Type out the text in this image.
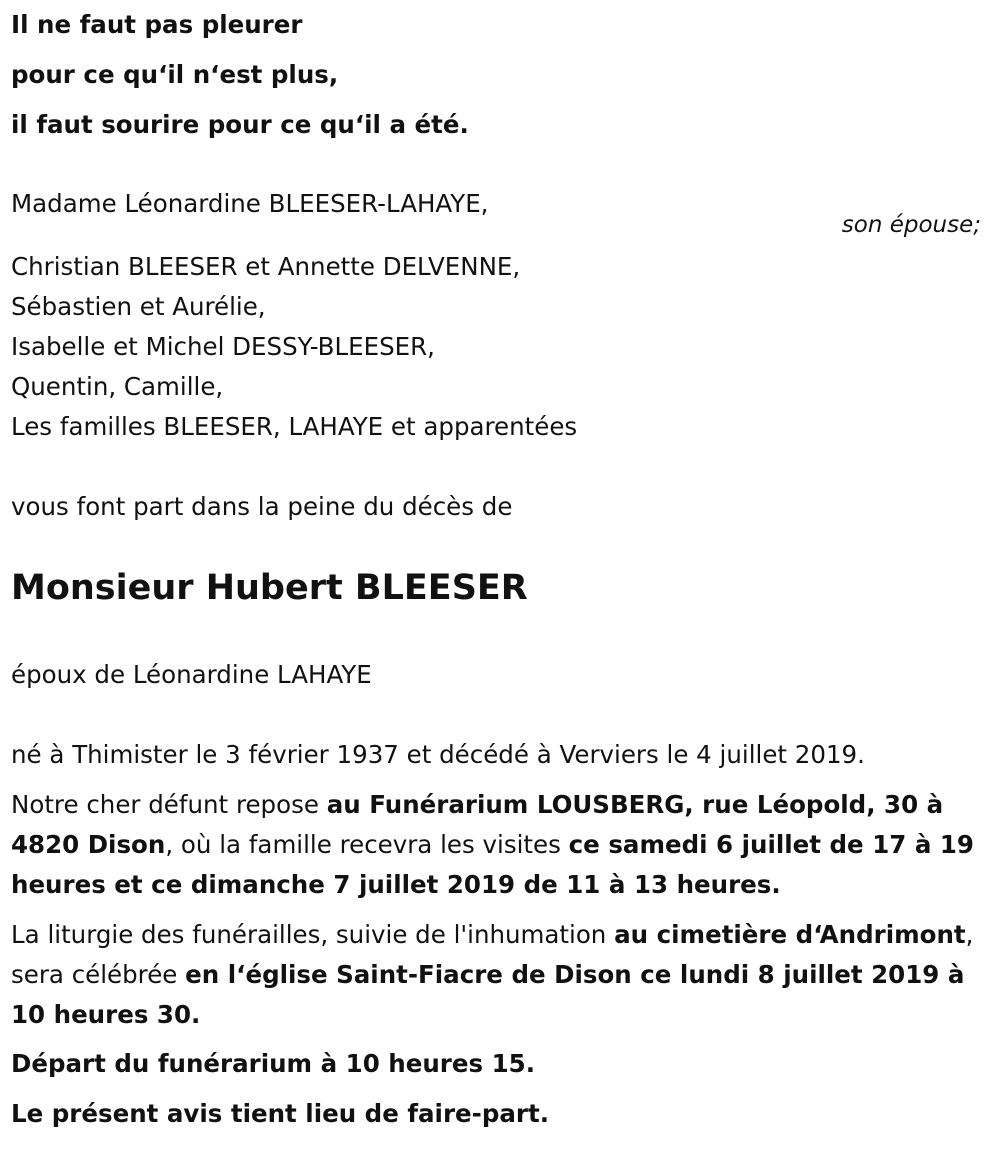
Il ne faut pas pleurer
pour ce qu‘il n‘est plus,
il faut sourire pour ce qu‘il a été.
Madame Léonardine BLEESER-LAHAYE,
son épouse;
Christian BLEESER et Annette DELVENNE,
Sébastien et Aurélie,
Isabelle et Michel DESSY-BLEESER,
Quentin, Camille,
Les familles BLEESER, LAHAYE et apparentées
vous font part dans la peine du décès de
Monsieur Hubert BLEESER
époux de Léonardine LAHAYE
né à Thimister le 3 février 1937 et décédé à Verviers le 4 juillet 2019.
Notre cher défunt repose au Funérarium LOUSBERG, rue Léopold, 30 à 4820 Dison, où la famille recevra les visites ce samedi 6 juillet de 17 à 19 heures et ce dimanche 7 juillet 2019 de 11 à 13 heures.
La liturgie des funérailles, suivie de l'inhumation au cimetière d‘Andrimont, sera célébrée en l‘église Saint-Fiacre de Dison ce lundi 8 juillet 2019 à 10 heures 30.
Départ du funérarium à 10 heures 15.
Le présent avis tient lieu de faire-part.
